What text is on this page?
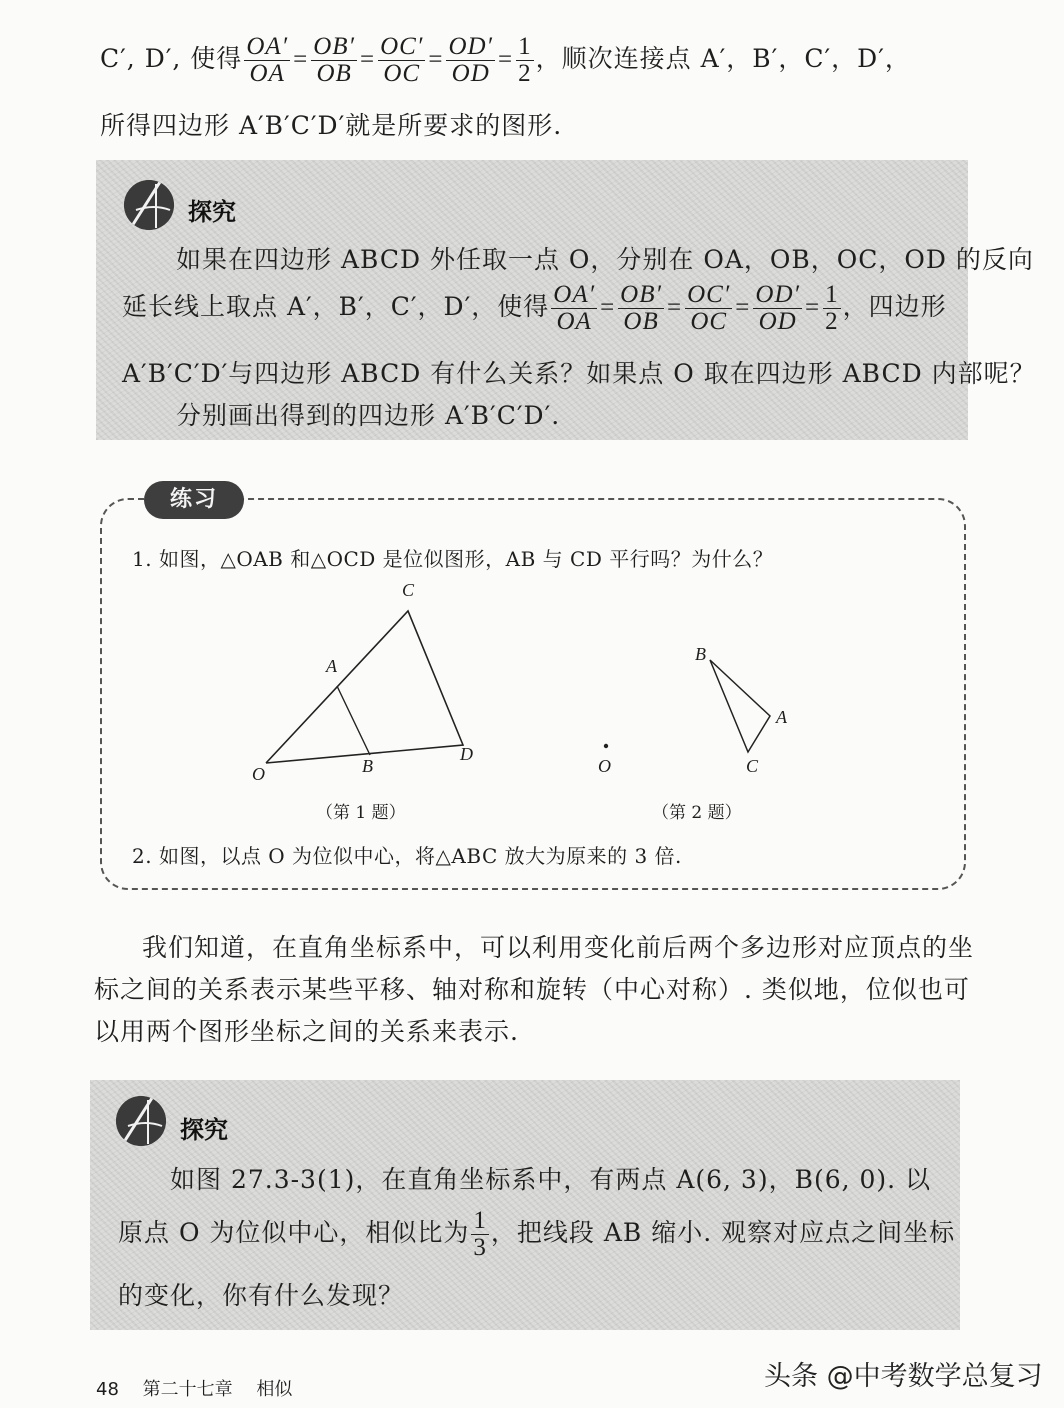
C′, D′, 使得 $\frac{OA'}{OA} = \frac{OB'}{OB} = \frac{OC'}{OC} = \frac{OD'}{OD} = \frac{1}{2}$ ，顺次连接点 A′，B′，C′，D′，
所得四边形 A′B′C′D′就是所要求的图形.
探究
如果在四边形 ABCD 外任取一点 O，分别在 OA，OB，OC，OD 的反向
延长线上取点 A′，B′，C′，D′，使得 $\frac{OA'}{OA} = \frac{OB'}{OB} = \frac{OC'}{OC} = \frac{OD'}{OD} = \frac{1}{2}$ ，四边形
A′B′C′D′与四边形 ABCD 有什么关系？如果点 O 取在四边形 ABCD 内部呢？
分别画出得到的四边形 A′B′C′D′.
练习
1. 如图，△OAB 和△OCD 是位似图形，AB 与 CD 平行吗？为什么？
C
A
O	B
D
（第 1 题）
B
A
C
O
（第 2 题）
2. 如图，以点 O 为位似中心，将△ABC 放大为原来的 3 倍.
我们知道，在直角坐标系中，可以利用变化前后两个多边形对应顶点的坐
标之间的关系表示某些平移、轴对称和旋转（中心对称）. 类似地，位似也可
以用两个图形坐标之间的关系来表示.
探究
如图 27.3-3(1)，在直角坐标系中，有两点 A(6, 3)，B(6, 0). 以
原点 O 为位似中心，相似比为 $\frac{1}{3}$ ，把线段 AB 缩小. 观察对应点之间坐标
的变化，你有什么发现？
48 第二十七章 相似	头条 @中考数学总复习
